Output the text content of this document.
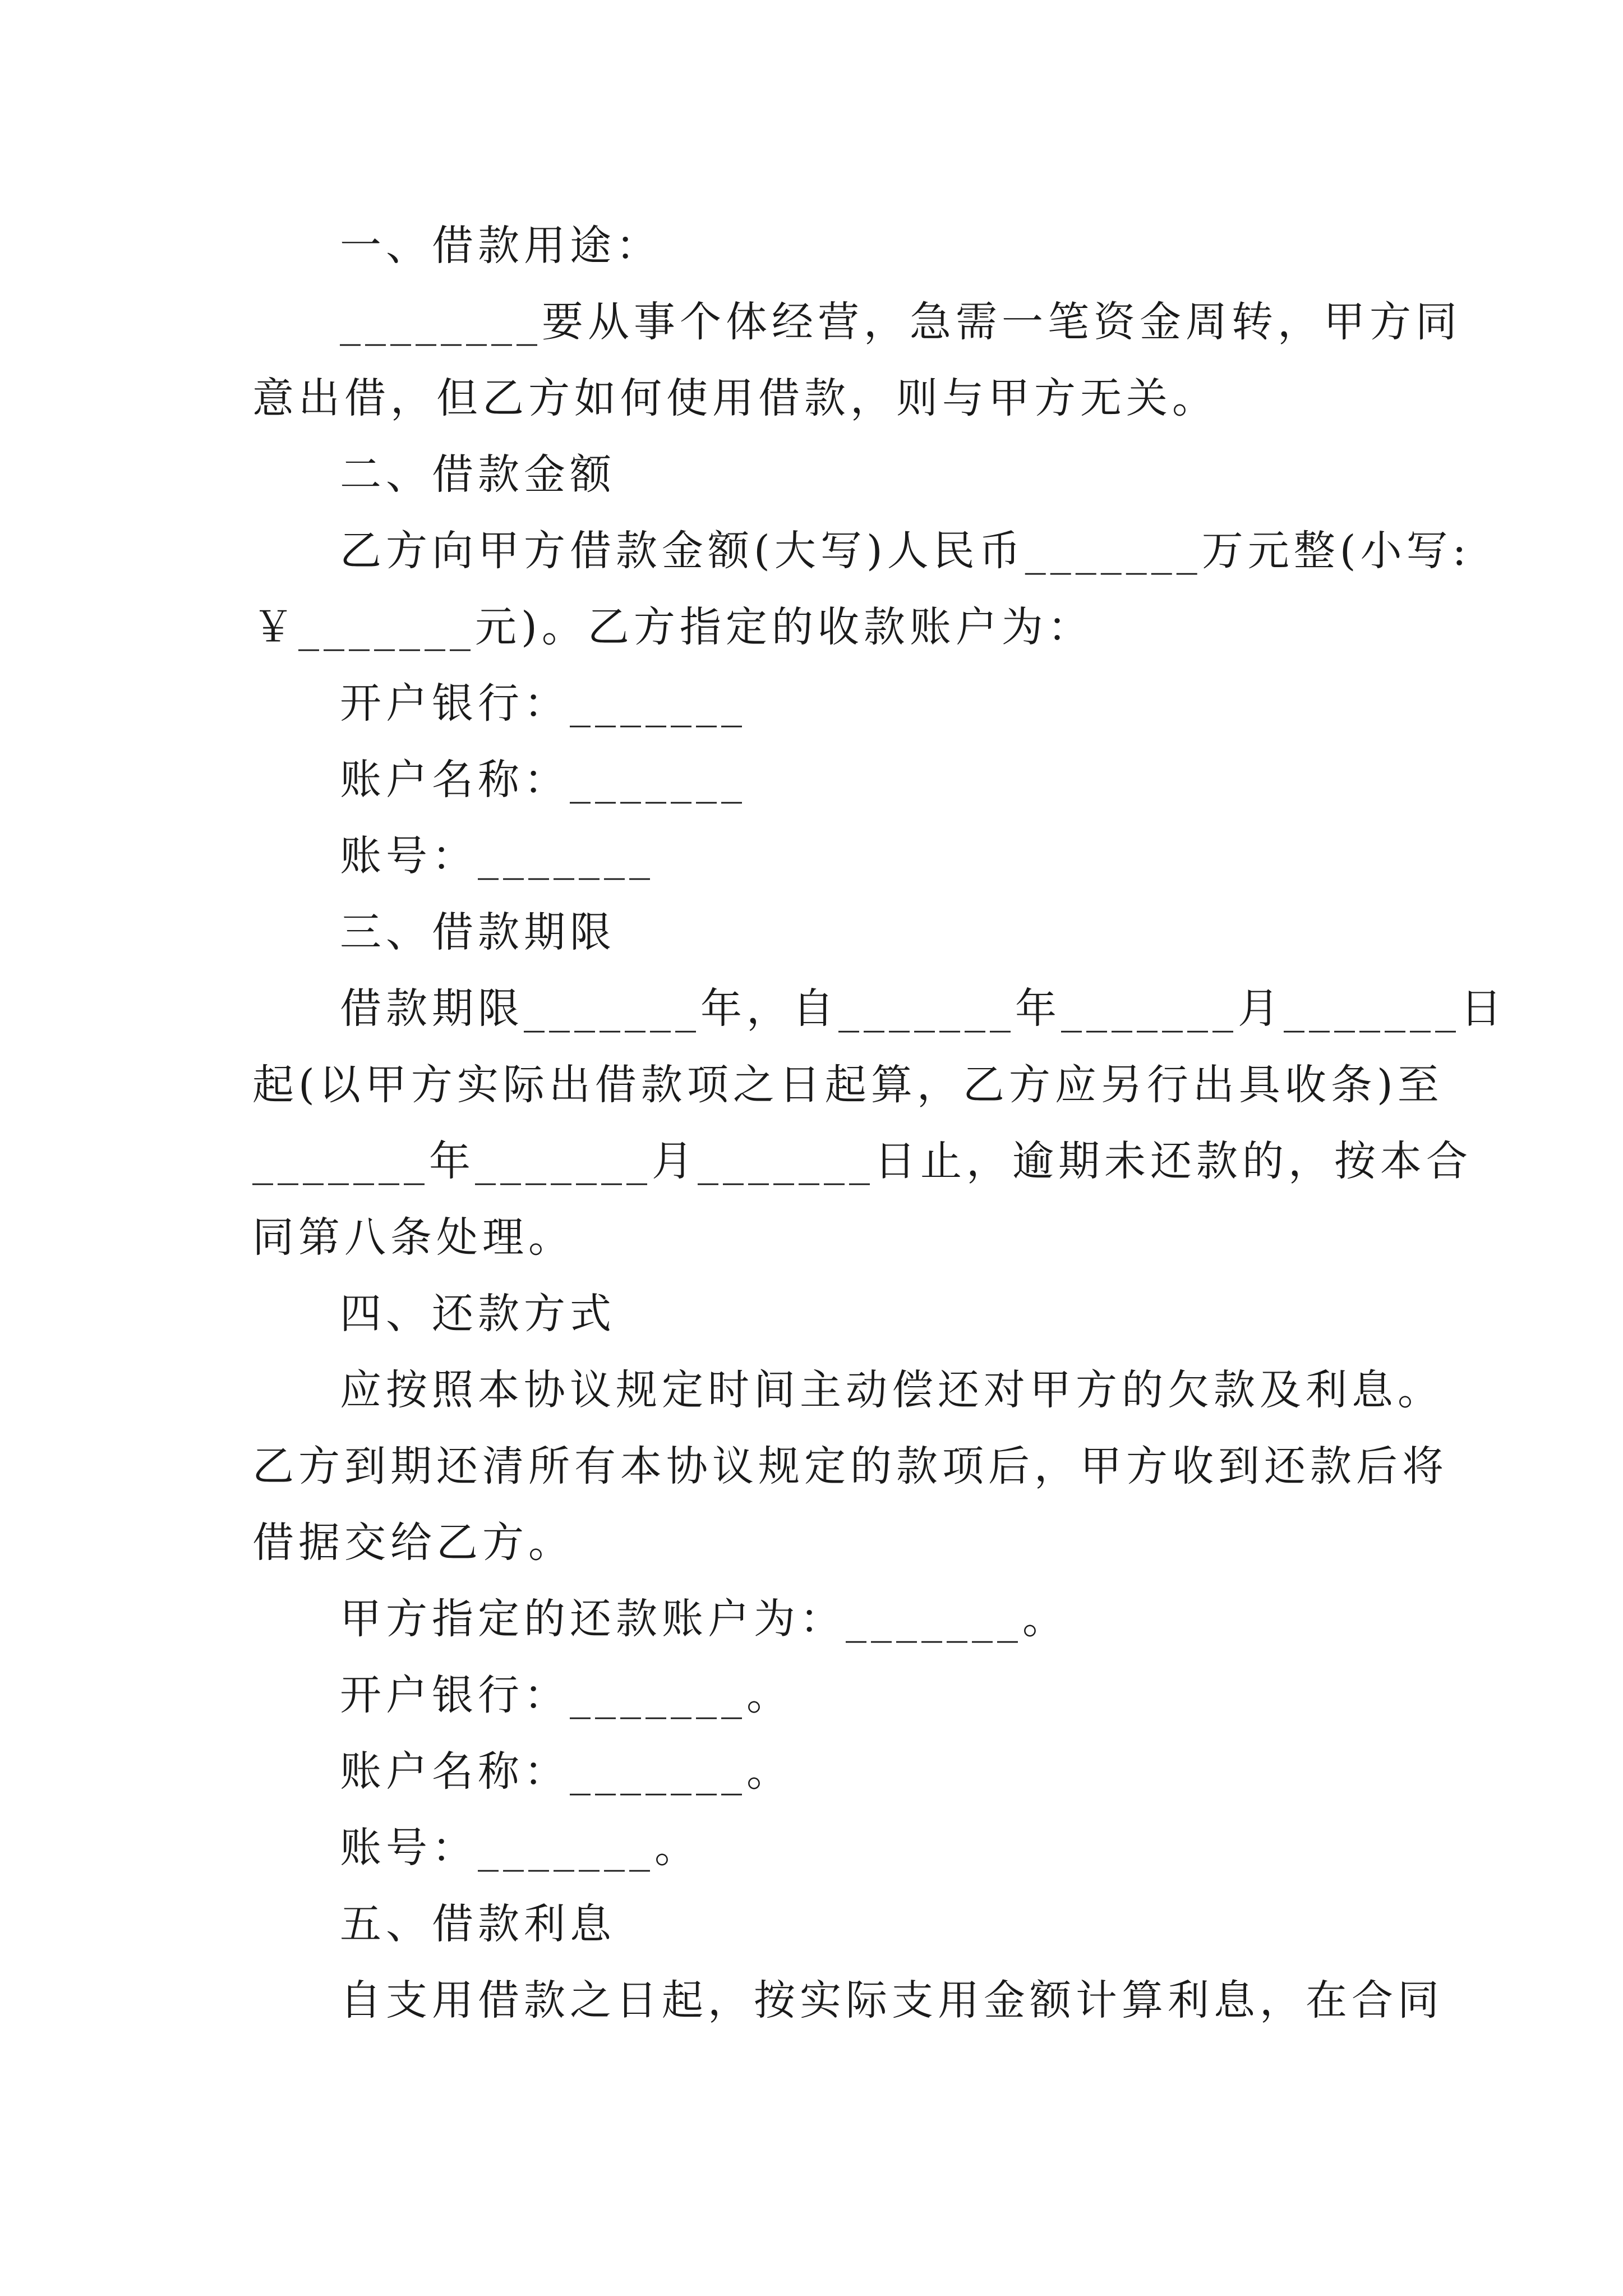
一、借款用途：
________要从事个体经营，急需一笔资金周转，甲方同
意出借，但乙方如何使用借款，则与甲方无关。
二、借款金额
乙方向甲方借款金额(大写)人民币_______万元整(小写:
￥_______元)。乙方指定的收款账户为：
开户银行：_______
账户名称：_______
账号：_______
三、借款期限
借款期限_______年，自_______年_______月_______日
起(以甲方实际出借款项之日起算，乙方应另行出具收条)至
_______年_______月_______日止，逾期未还款的，按本合
同第八条处理。
四、还款方式
应按照本协议规定时间主动偿还对甲方的欠款及利息。
乙方到期还清所有本协议规定的款项后，甲方收到还款后将
借据交给乙方。
甲方指定的还款账户为：_______。
开户银行：_______。
账户名称：_______。
账号：_______。
五、借款利息
自支用借款之日起，按实际支用金额计算利息，在合同
